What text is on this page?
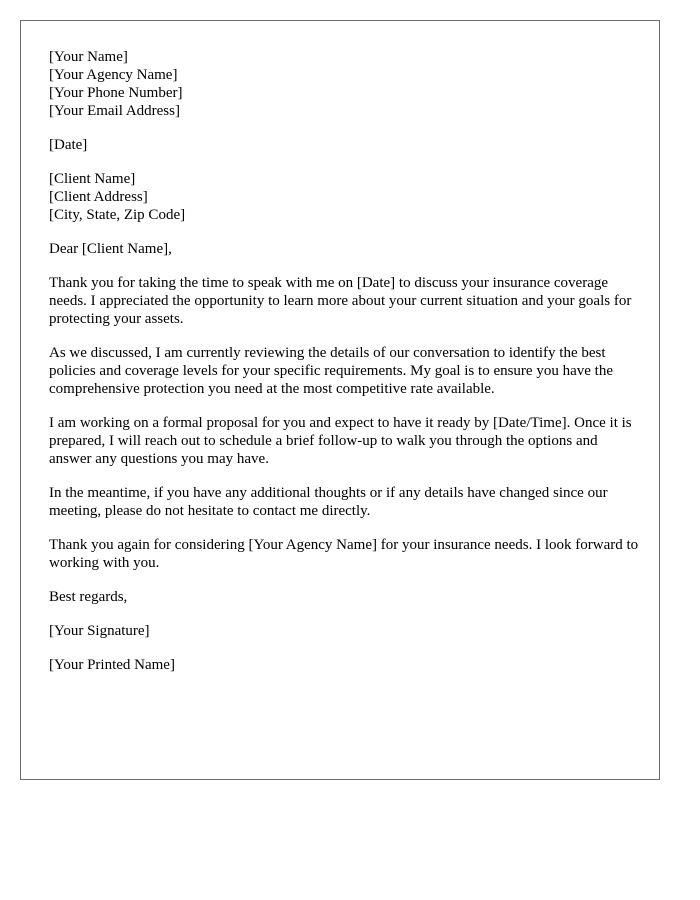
[Your Name]
[Your Agency Name]
[Your Phone Number]
[Your Email Address]
[Date]
[Client Name]
[Client Address]
[City, State, Zip Code]

Dear [Client Name],

Thank you for taking the time to speak with me on [Date] to discuss your insurance coverage needs. I appreciated the opportunity to learn more about your current situation and your goals for protecting your assets.

As we discussed, I am currently reviewing the details of our conversation to identify the best policies and coverage levels for your specific requirements. My goal is to ensure you have the comprehensive protection you need at the most competitive rate available.

I am working on a formal proposal for you and expect to have it ready by [Date/Time]. Once it is prepared, I will reach out to schedule a brief follow-up to walk you through the options and answer any questions you may have.

In the meantime, if you have any additional thoughts or if any details have changed since our meeting, please do not hesitate to contact me directly.

Thank you again for considering [Your Agency Name] for your insurance needs. I look forward to working with you.

Best regards,

[Your Signature]

[Your Printed Name]
